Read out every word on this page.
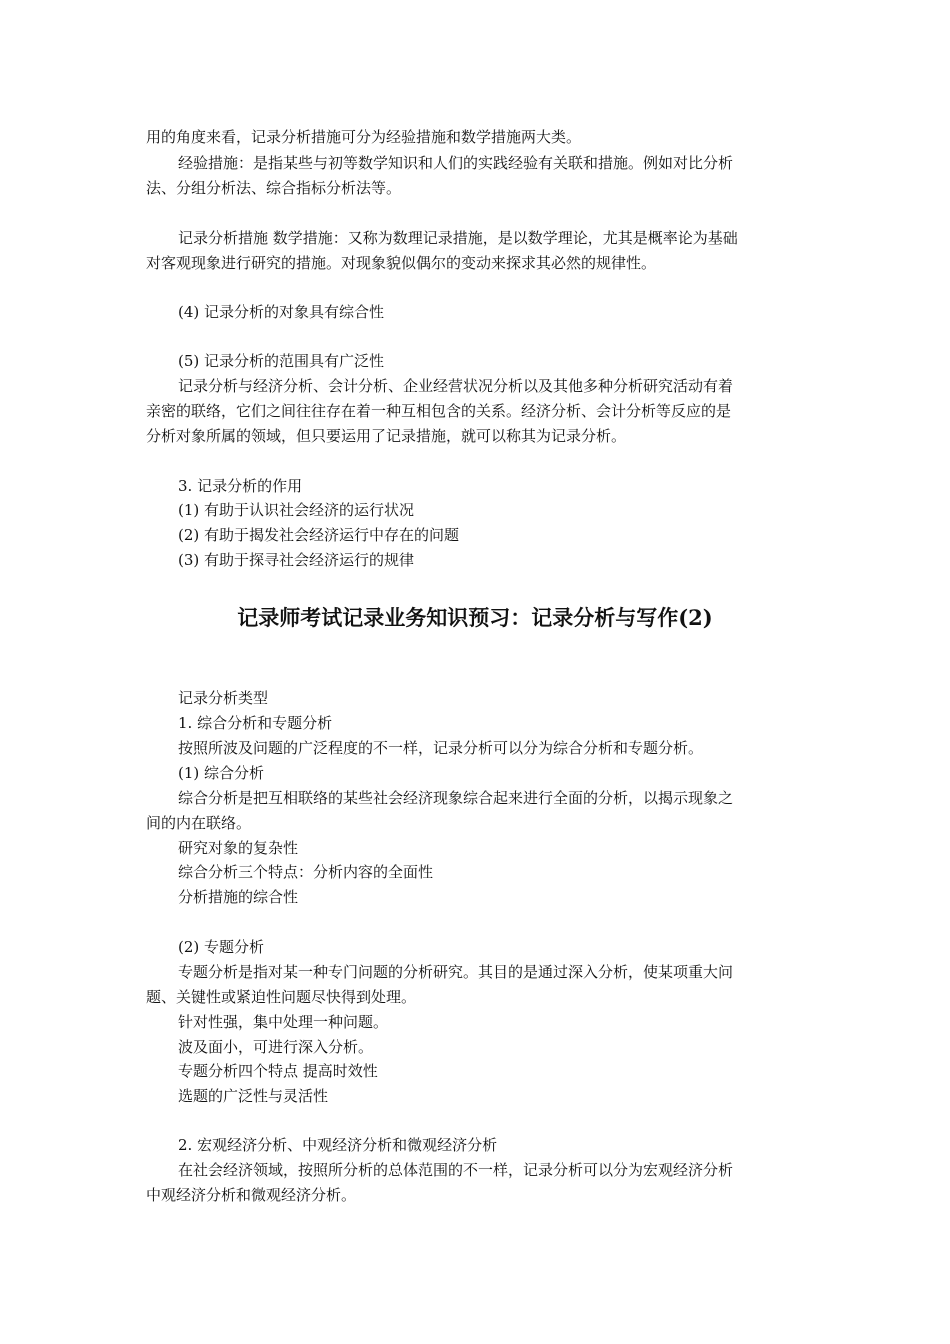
用的角度来看，记录分析措施可分为经验措施和数学措施两大类。
经验措施：是指某些与初等数学知识和人们的实践经验有关联和措施。例如对比分析
法、分组分析法、综合指标分析法等。
记录分析措施 数学措施：又称为数理记录措施，是以数学理论，尤其是概率论为基础
对客观现象进行研究的措施。对现象貌似偶尔的变动来探求其必然的规律性。
(4) 记录分析的对象具有综合性
(5) 记录分析的范围具有广泛性
记录分析与经济分析、会计分析、企业经营状况分析以及其他多种分析研究活动有着
亲密的联络，它们之间往往存在着一种互相包含的关系。经济分析、会计分析等反应的是
分析对象所属的领域，但只要运用了记录措施，就可以称其为记录分析。
3. 记录分析的作用
(1) 有助于认识社会经济的运行状况
(2) 有助于揭发社会经济运行中存在的问题
(3) 有助于探寻社会经济运行的规律
记录师考试记录业务知识预习：记录分析与写作(2)
记录分析类型
1. 综合分析和专题分析
按照所波及问题的广泛程度的不一样，记录分析可以分为综合分析和专题分析。
(1) 综合分析
综合分析是把互相联络的某些社会经济现象综合起来进行全面的分析，以揭示现象之
间的内在联络。
研究对象的复杂性
综合分析三个特点：分析内容的全面性
分析措施的综合性
(2) 专题分析
专题分析是指对某一种专门问题的分析研究。其目的是通过深入分析，使某项重大问
题、关键性或紧迫性问题尽快得到处理。
针对性强，集中处理一种问题。
波及面小，可进行深入分析。
专题分析四个特点 提高时效性
选题的广泛性与灵活性
2. 宏观经济分析、中观经济分析和微观经济分析
在社会经济领域，按照所分析的总体范围的不一样，记录分析可以分为宏观经济分析
中观经济分析和微观经济分析。
